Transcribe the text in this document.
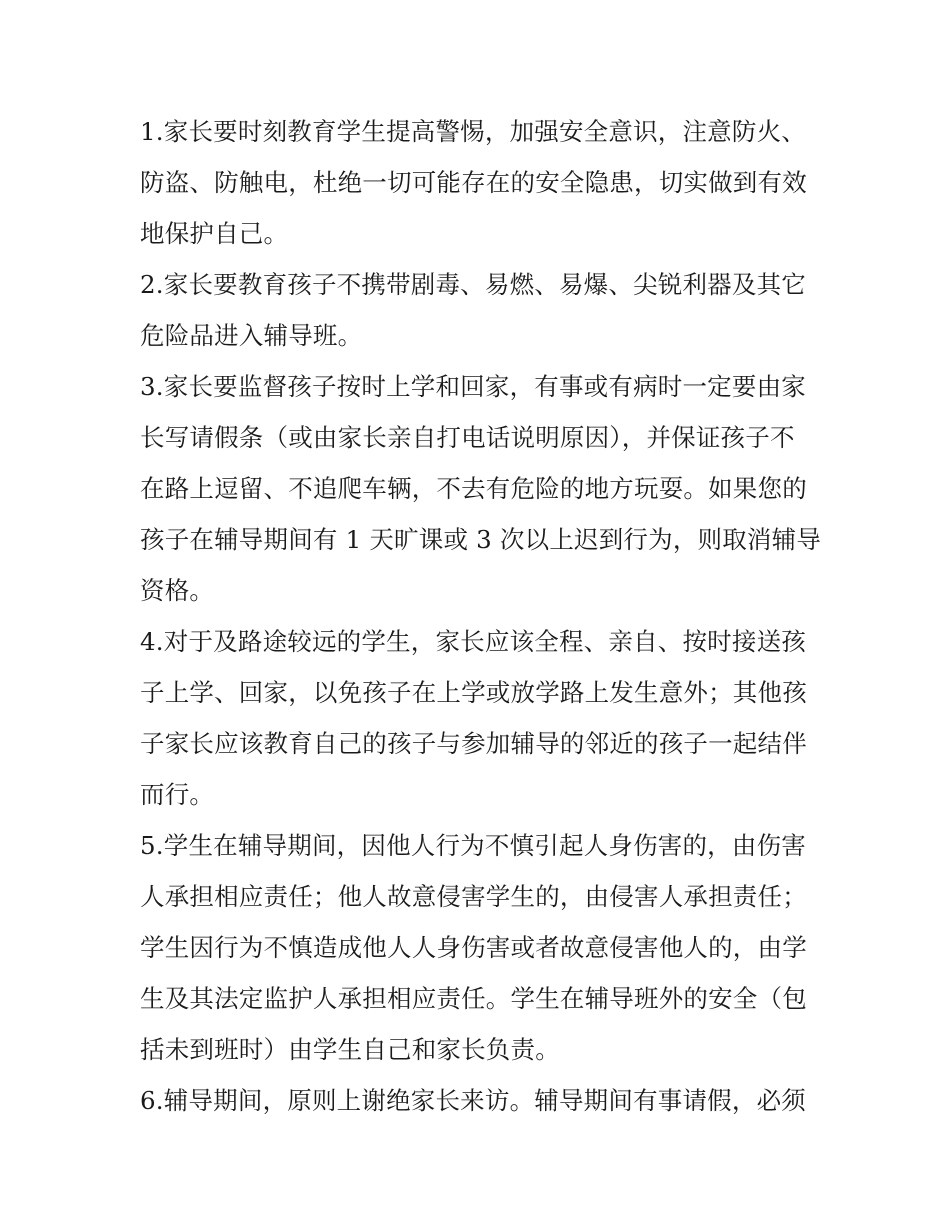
1.家长要时刻教育学生提高警惕，加强安全意识，注意防火、
防盗、防触电，杜绝一切可能存在的安全隐患，切实做到有效
地保护自己。
2.家长要教育孩子不携带剧毒、易燃、易爆、尖锐利器及其它
危险品进入辅导班。
3.家长要监督孩子按时上学和回家，有事或有病时一定要由家
长写请假条（或由家长亲自打电话说明原因），并保证孩子不
在路上逗留、不追爬车辆，不去有危险的地方玩耍。如果您的
孩子在辅导期间有 1 天旷课或 3 次以上迟到行为，则取消辅导
资格。
4.对于及路途较远的学生，家长应该全程、亲自、按时接送孩
子上学、回家，以免孩子在上学或放学路上发生意外；其他孩
子家长应该教育自己的孩子与参加辅导的邻近的孩子一起结伴
而行。
5.学生在辅导期间，因他人行为不慎引起人身伤害的，由伤害
人承担相应责任；他人故意侵害学生的，由侵害人承担责任；
学生因行为不慎造成他人人身伤害或者故意侵害他人的，由学
生及其法定监护人承担相应责任。学生在辅导班外的安全（包
括未到班时）由学生自己和家长负责。
6.辅导期间，原则上谢绝家长来访。辅导期间有事请假，必须
